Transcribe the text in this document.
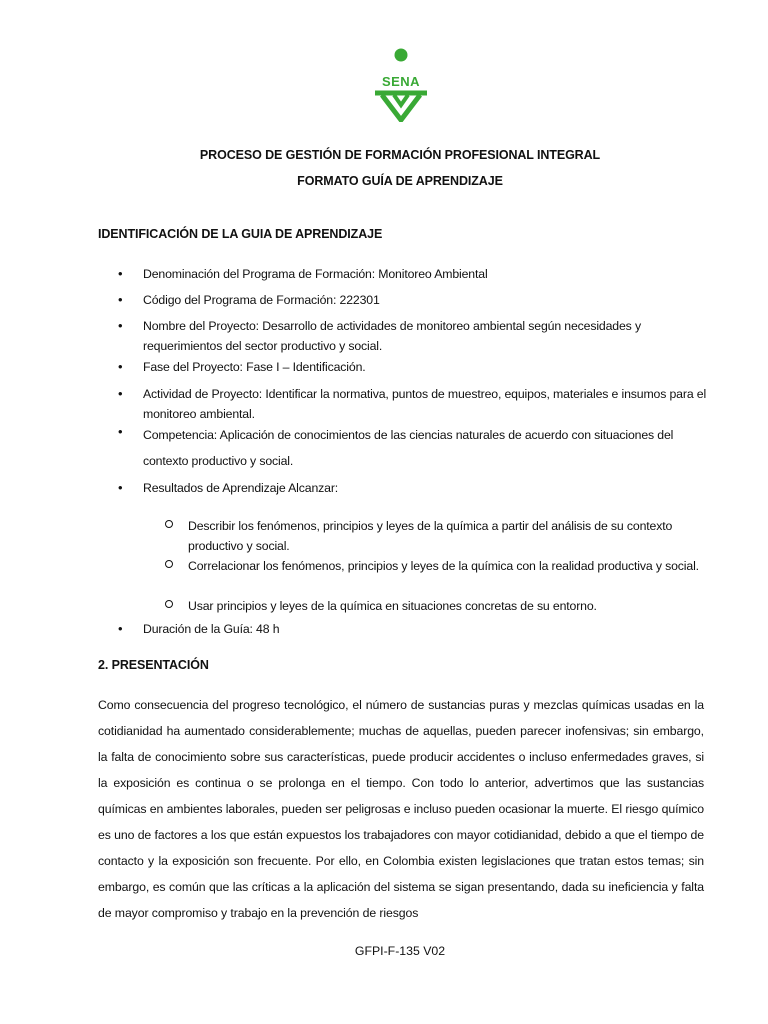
SENA
PROCESO DE GESTIÓN DE FORMACIÓN PROFESIONAL INTEGRAL
FORMATO GUÍA DE APRENDIZAJE
IDENTIFICACIÓN DE LA GUIA DE APRENDIZAJE
• Denominación del Programa de Formación: Monitoreo Ambiental
• Código del Programa de Formación: 222301
• Nombre del Proyecto: Desarrollo de actividades de monitoreo ambiental según necesidades y requerimientos del sector productivo y social.
• Fase del Proyecto: Fase I – Identificación.
• Actividad de Proyecto: Identificar la normativa, puntos de muestreo, equipos, materiales e insumos para el monitoreo ambiental.
• Competencia: Aplicación de conocimientos de las ciencias naturales de acuerdo con situaciones del contexto productivo y social.
• Resultados de Aprendizaje Alcanzar:
Describir los fenómenos, principios y leyes de la química a partir del análisis de su contexto productivo y social.
Correlacionar los fenómenos, principios y leyes de la química con la realidad productiva y social.
Usar principios y leyes de la química en situaciones concretas de su entorno.
• Duración de la Guía: 48 h
2. PRESENTACIÓN
Como consecuencia del progreso tecnológico, el número de sustancias puras y mezclas químicas usadas en la cotidianidad ha aumentado considerablemente; muchas de aquellas, pueden parecer inofensivas; sin embargo, la falta de conocimiento sobre sus características, puede producir accidentes o incluso enfermedades graves, si la exposición es continua o se prolonga en el tiempo. Con todo lo anterior, advertimos que las sustancias químicas en ambientes laborales, pueden ser peligrosas e incluso pueden ocasionar la muerte. El riesgo químico es uno de factores a los que están expuestos los trabajadores con mayor cotidianidad, debido a que el tiempo de contacto y la exposición son frecuente. Por ello, en Colombia existen legislaciones que tratan estos temas; sin embargo, es común que las críticas a la aplicación del sistema se sigan presentando, dada su ineficiencia y falta de mayor compromiso y trabajo en la prevención de riesgos
GFPI-F-135 V02
